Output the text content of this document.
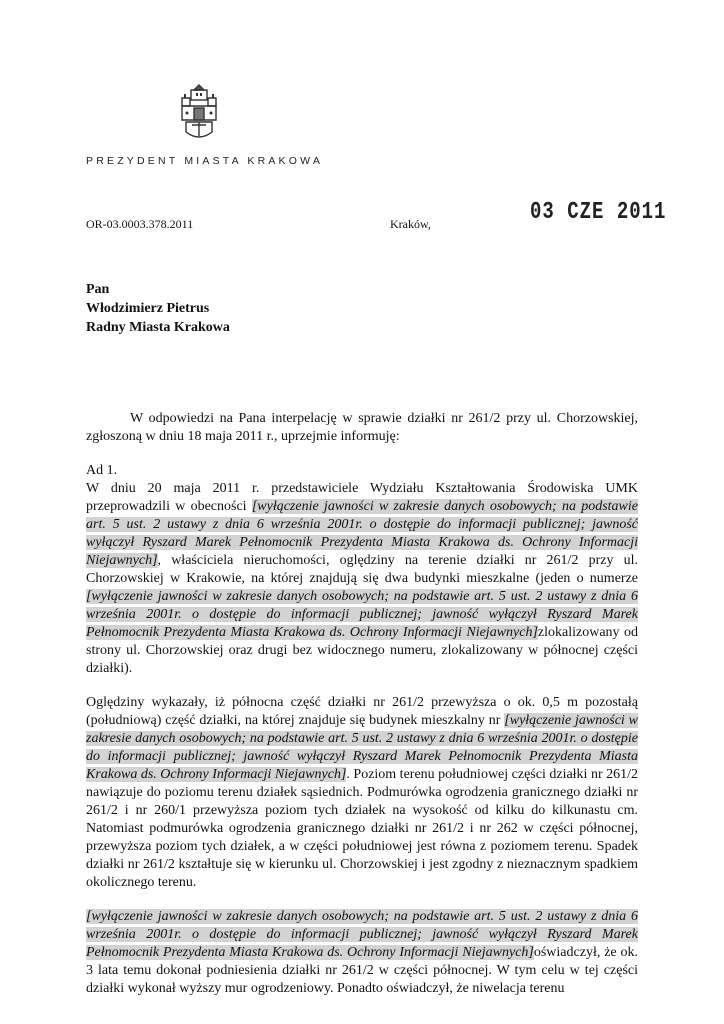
PREZYDENT MIASTA KRAKOWA
OR-03.0003.378.2011	Kraków,	03 CZE 2011
Pan
Włodzimierz Pietrus
Radny Miasta Krakowa

W odpowiedzi na Pana interpelację w sprawie działki nr 261/2 przy ul. Chorzowskiej, zgłoszoną w dniu 18 maja 2011 r., uprzejmie informuję:

Ad 1.

W dniu 20 maja 2011 r. przedstawiciele Wydziału Kształtowania Środowiska UMK przeprowadzili w obecności [wyłączenie jawności w zakresie danych osobowych; na podstawie art. 5 ust. 2 ustawy z dnia 6 września 2001r. o dostępie do informacji publicznej; jawność wyłączył Ryszard Marek Pełnomocnik Prezydenta Miasta Krakowa ds. Ochrony Informacji Niejawnych], właściciela nieruchomości, oględziny na terenie działki nr 261/2 przy ul. Chorzowskiej w Krakowie, na której znajdują się dwa budynki mieszkalne (jeden o numerze [wyłączenie jawności w zakresie danych osobowych; na podstawie art. 5 ust. 2 ustawy z dnia 6 września 2001r. o dostępie do informacji publicznej; jawność wyłączył Ryszard Marek Pełnomocnik Prezydenta Miasta Krakowa ds. Ochrony Informacji Niejawnych]zlokalizowany od strony ul. Chorzowskiej oraz drugi bez widocznego numeru, zlokalizowany w północnej części działki).

Oględziny wykazały, iż północna część działki nr 261/2 przewyższa o ok. 0,5 m pozostałą (południową) część działki, na której znajduje się budynek mieszkalny nr [wyłączenie jawności w zakresie danych osobowych; na podstawie art. 5 ust. 2 ustawy z dnia 6 września 2001r. o dostępie do informacji publicznej; jawność wyłączył Ryszard Marek Pełnomocnik Prezydenta Miasta Krakowa ds. Ochrony Informacji Niejawnych]. Poziom terenu południowej części działki nr 261/2 nawiązuje do poziomu terenu działek sąsiednich. Podmurówka ogrodzenia granicznego działki nr 261/2 i nr 260/1 przewyższa poziom tych działek na wysokość od kilku do kilkunastu cm. Natomiast podmurówka ogrodzenia granicznego działki nr 261/2 i nr 262 w części północnej, przewyższa poziom tych działek, a w części południowej jest równa z poziomem terenu. Spadek działki nr 261/2 kształtuje się w kierunku ul. Chorzowskiej i jest zgodny z nieznacznym spadkiem okolicznego terenu.

[wyłączenie jawności w zakresie danych osobowych; na podstawie art. 5 ust. 2 ustawy z dnia 6 września 2001r. o dostępie do informacji publicznej; jawność wyłączył Ryszard Marek Pełnomocnik Prezydenta Miasta Krakowa ds. Ochrony Informacji Niejawnych]oświadczył, że ok. 3 lata temu dokonał podniesienia działki nr 261/2 w części północnej. W tym celu w tej części działki wykonał wyższy mur ogrodzeniowy. Ponadto oświadczył, że niwelacja terenu
